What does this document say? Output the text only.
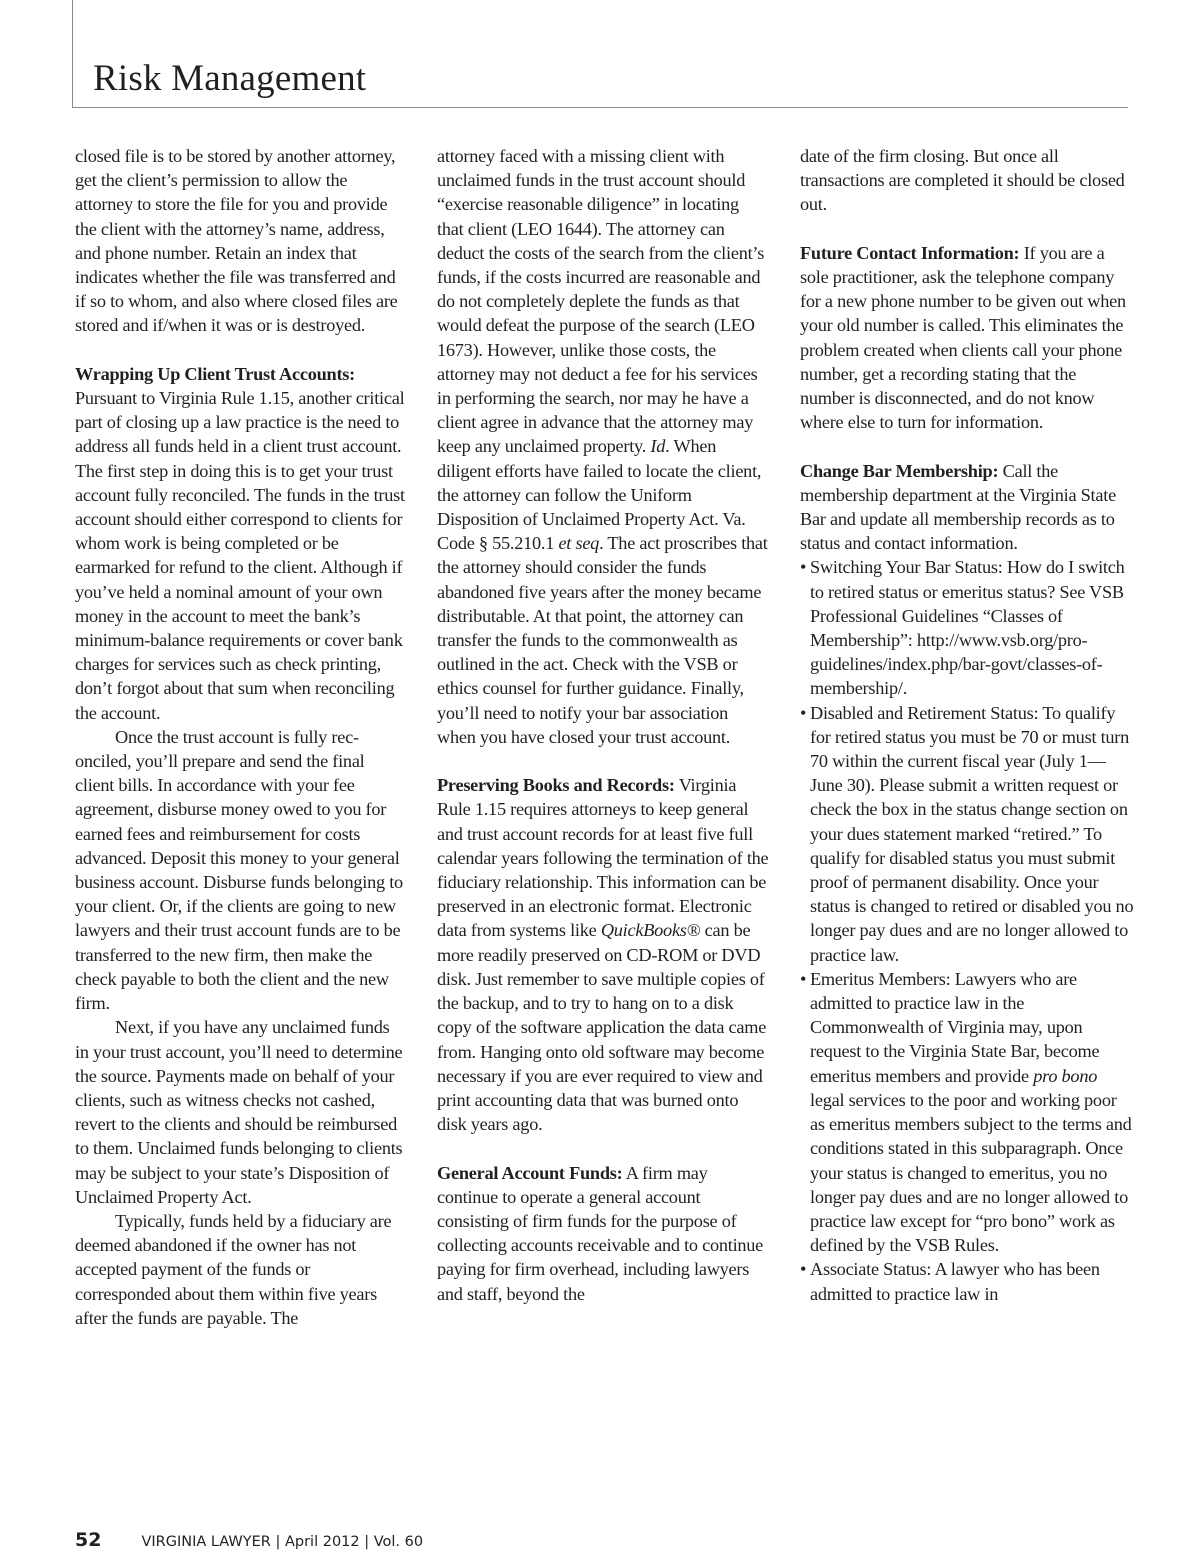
Risk Management

closed file is to be stored by another attorney, get the client’s permission to allow the attorney to store the file for you and provide the client with the attorney’s name, address, and phone number. Retain an index that indicates whether the file was transferred and if so to whom, and also where closed files are stored and if/when it was or is destroyed.

Wrapping Up Client Trust Accounts:
Pursuant to Virginia Rule 1.15, another critical part of closing up a law practice is the need to address all funds held in a client trust account. The first step in doing this is to get your trust account fully reconciled. The funds in the trust account should either correspond to clients for whom work is being completed or be earmarked for refund to the client. Although if you’ve held a nominal amount of your own money in the account to meet the bank’s minimum-balance requirements or cover bank charges for services such as check printing, don’t forgot about that sum when reconciling the account.

Once the trust account is fully reconciled, you’ll prepare and send the final client bills. In accordance with your fee agreement, disburse money owed to you for earned fees and reimbursement for costs advanced. Deposit this money to your general business account. Disburse funds belonging to your client. Or, if the clients are going to new lawyers and their trust account funds are to be transferred to the new firm, then make the check payable to both the client and the new firm.

Next, if you have any unclaimed funds in your trust account, you’ll need to determine the source. Payments made on behalf of your clients, such as witness checks not cashed, revert to the clients and should be reimbursed to them. Unclaimed funds belonging to clients may be subject to your state’s Disposition of Unclaimed Property Act.

Typically, funds held by a fiduciary are deemed abandoned if the owner has not accepted payment of the funds or corresponded about them within five years after the funds are payable. The

attorney faced with a missing client with unclaimed funds in the trust account should “exercise reasonable diligence” in locating that client (LEO 1644). The attorney can deduct the costs of the search from the client’s funds, if the costs incurred are reasonable and do not completely deplete the funds as that would defeat the purpose of the search (LEO 1673). However, unlike those costs, the attorney may not deduct a fee for his services in performing the search, nor may he have a client agree in advance that the attorney may keep any unclaimed property. Id. When diligent efforts have failed to locate the client, the attorney can follow the Uniform Disposition of Unclaimed Property Act. Va. Code § 55.210.1 et seq. The act proscribes that the attorney should consider the funds abandoned five years after the money became distributable. At that point, the attorney can transfer the funds to the commonwealth as outlined in the act. Check with the VSB or ethics counsel for further guidance. Finally, you’ll need to notify your bar association when you have closed your trust account.

Preserving Books and Records: Virginia Rule 1.15 requires attorneys to keep general and trust account records for at least five full calendar years following the termination of the fiduciary relationship. This information can be preserved in an electronic format. Electronic data from systems like QuickBooks® can be more readily preserved on CD-ROM or DVD disk. Just remember to save multiple copies of the backup, and to try to hang on to a disk copy of the software application the data came from. Hanging onto old software may become necessary if you are ever required to view and print accounting data that was burned onto disk years ago.

General Account Funds: A firm may continue to operate a general account consisting of firm funds for the purpose of collecting accounts receivable and to continue paying for firm overhead, including lawyers and staff, beyond the

date of the firm closing. But once all transactions are completed it should be closed out.

Future Contact Information: If you are a sole practitioner, ask the telephone company for a new phone number to be given out when your old number is called. This eliminates the problem created when clients call your phone number, get a recording stating that the number is disconnected, and do not know where else to turn for information.

Change Bar Membership: Call the membership department at the Virginia State Bar and update all membership records as to status and contact information.

• Switching Your Bar Status: How do I switch to retired status or emeritus status? See VSB Professional Guidelines “Classes of Membership”: http://www.vsb.org/pro-guidelines/index.php/bar-govt/classes-of-membership/.
• Disabled and Retirement Status: To qualify for retired status you must be 70 or must turn 70 within the current fiscal year (July 1—June 30). Please submit a written request or check the box in the status change section on your dues statement marked “retired.” To qualify for disabled status you must submit proof of permanent disability. Once your status is changed to retired or disabled you no longer pay dues and are no longer allowed to practice law.
• Emeritus Members: Lawyers who are admitted to practice law in the Commonwealth of Virginia may, upon request to the Virginia State Bar, become emeritus members and provide pro bono legal services to the poor and working poor as emeritus members subject to the terms and conditions stated in this subparagraph. Once your status is changed to emeritus, you no longer pay dues and are no longer allowed to practice law except for “pro bono” work as defined by the VSB Rules.
• Associate Status: A lawyer who has been admitted to practice law in
52	VIRGINIA LAWYER | April 2012 | Vol. 60
